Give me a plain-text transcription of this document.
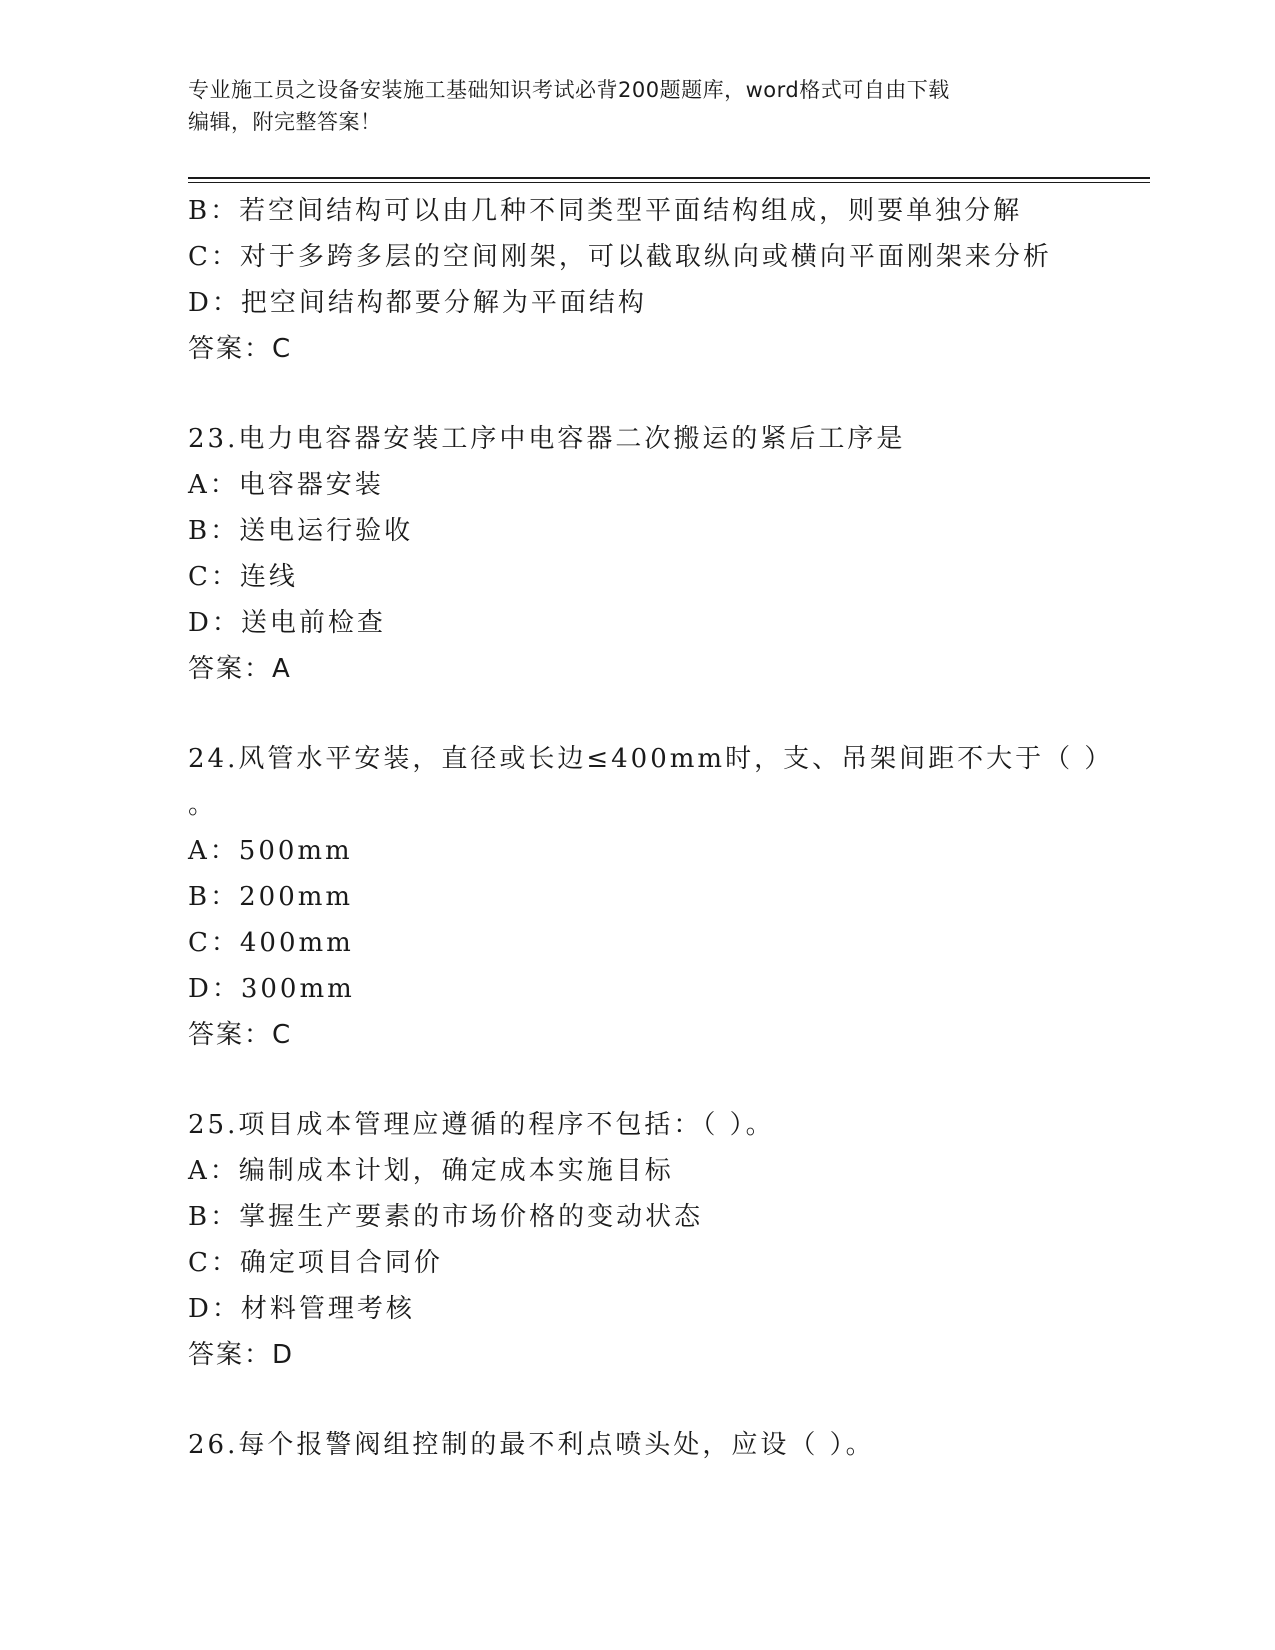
专业施工员之设备安装施工基础知识考试必背200题题库，word格式可自由下载
编辑，附完整答案！
B：若空间结构可以由几种不同类型平面结构组成，则要单独分解
C：对于多跨多层的空间刚架，可以截取纵向或横向平面刚架来分析
D：把空间结构都要分解为平面结构
答案：C
23.电力电容器安装工序中电容器二次搬运的紧后工序是
A：电容器安装
B：送电运行验收
C：连线
D：送电前检查
答案：A
24.风管水平安装，直径或长边≤400mm时，支、吊架间距不大于（ ）
。
A：500mm
B：200mm
C：400mm
D：300mm
答案：C
25.项目成本管理应遵循的程序不包括：（ ）。
A：编制成本计划，确定成本实施目标
B：掌握生产要素的市场价格的变动状态
C：确定项目合同价
D：材料管理考核
答案：D
26.每个报警阀组控制的最不利点喷头处，应设（ ）。
